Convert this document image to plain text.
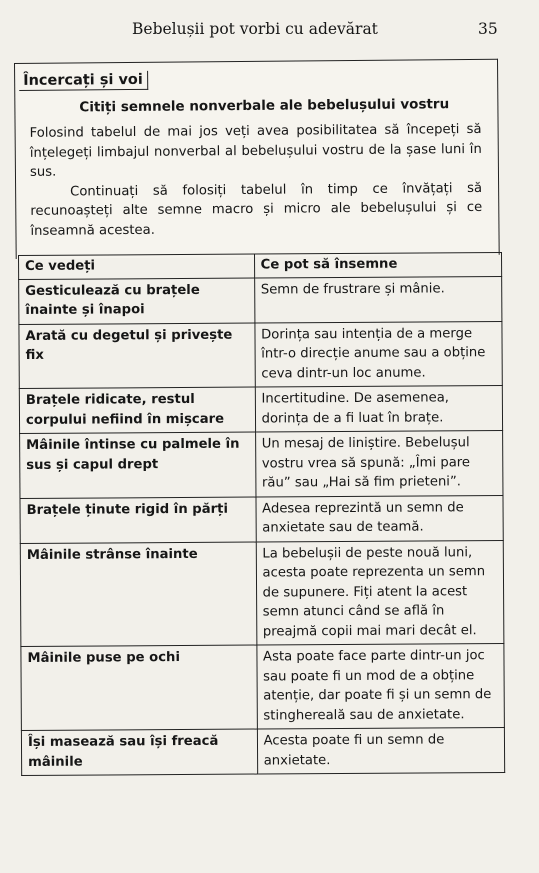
Bebelușii pot vorbi cu adevărat	35
Încercați și voi
Citiți semnele nonverbale ale bebelușului vostru

Folosind tabelul de mai jos veți avea posibilitatea să începeți să înțelegeți limbajul nonverbal al bebelușului vostru de la șase luni în sus.

Continuați să folosiți tabelul în timp ce învățați să recunoașteți alte semne macro și micro ale bebelușului și ce înseamnă acestea.

Ce vedeți	Ce pot să însemne
Gesticulează cu brațele înainte și înapoi	Semn de frustrare și mânie.
Arată cu degetul și privește fix	Dorința sau intenția de a merge într-o direcție anume sau a obține ceva dintr-un loc anume.
Brațele ridicate, restul corpului nefiind în mișcare	Incertitudine. De asemenea, dorința de a fi luat în brațe.
Mâinile întinse cu palmele în sus și capul drept	Un mesaj de liniștire. Bebelușul vostru vrea să spună: „Îmi pare rău” sau „Hai să fim prieteni”.
Brațele ținute rigid în părți	Adesea reprezintă un semn de anxietate sau de teamă.
Mâinile strânse înainte	La bebelușii de peste nouă luni, acesta poate reprezenta un semn de supunere. Fiți atent la acest semn atunci când se află în preajmă copii mai mari decât el.
Mâinile puse pe ochi	Asta poate face parte dintr-un joc sau poate fi un mod de a obține atenție, dar poate fi și un semn de stinghereală sau de anxietate.
Își masează sau își freacă mâinile	Acesta poate fi un semn de anxietate.
